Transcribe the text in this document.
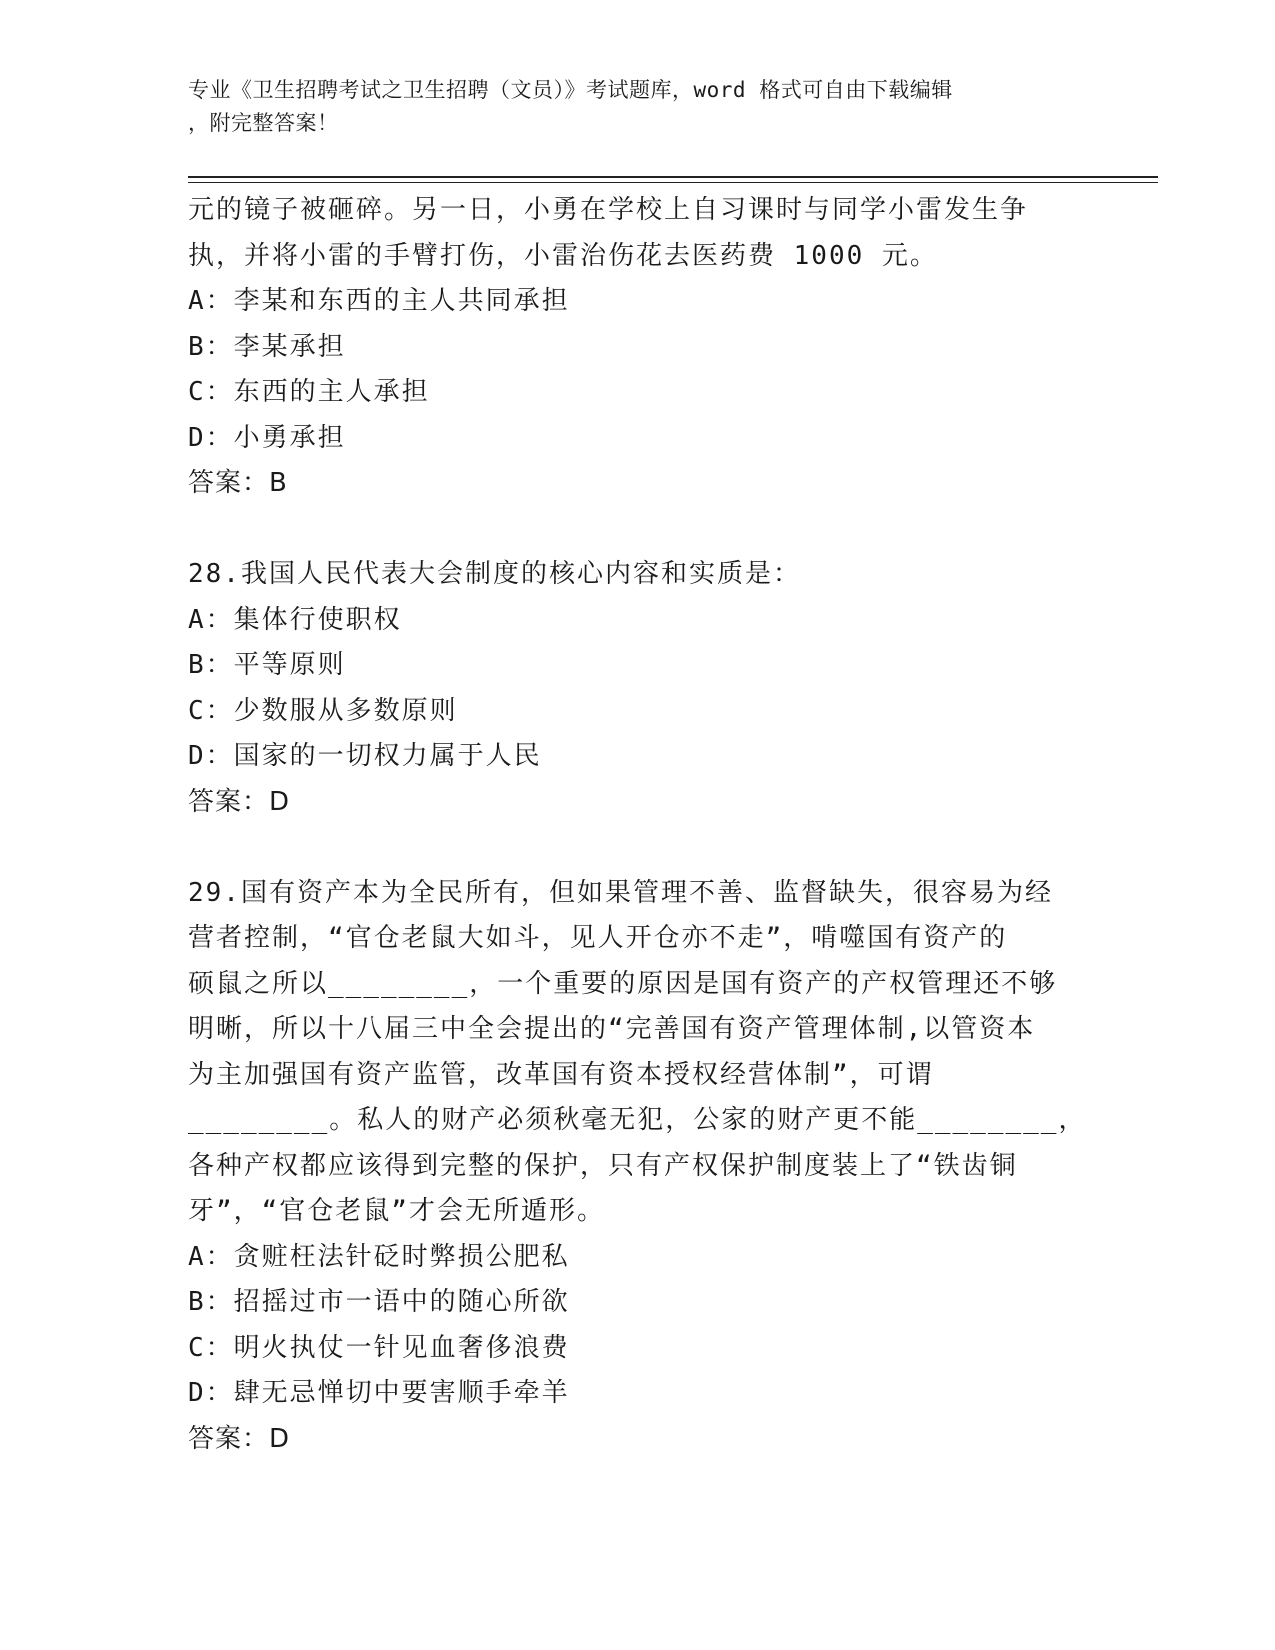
专业《卫生招聘考试之卫生招聘（文员）》考试题库，word 格式可自由下载编辑
，附完整答案！
元的镜子被砸碎。另一日，小勇在学校上自习课时与同学小雷发生争
执，并将小雷的手臂打伤，小雷治伤花去医药费 1000 元。
A：李某和东西的主人共同承担
B：李某承担
C：东西的主人承担
D：小勇承担
答案：B
28.我国人民代表大会制度的核心内容和实质是：
A：集体行使职权
B：平等原则
C：少数服从多数原则
D：国家的一切权力属于人民
答案：D
29.国有资产本为全民所有，但如果管理不善、监督缺失，很容易为经
营者控制，“官仓老鼠大如斗，见人开仓亦不走”，啃噬国有资产的
硕鼠之所以________，一个重要的原因是国有资产的产权管理还不够
明晰，所以十八届三中全会提出的“完善国有资产管理体制,以管资本
为主加强国有资产监管，改革国有资本授权经营体制”，可谓
________。私人的财产必须秋毫无犯，公家的财产更不能________，
各种产权都应该得到完整的保护，只有产权保护制度装上了“铁齿铜
牙”，“官仓老鼠”才会无所遁形。
A：贪赃枉法针砭时弊损公肥私
B：招摇过市一语中的随心所欲
C：明火执仗一针见血奢侈浪费
D：肆无忌惮切中要害顺手牵羊
答案：D
